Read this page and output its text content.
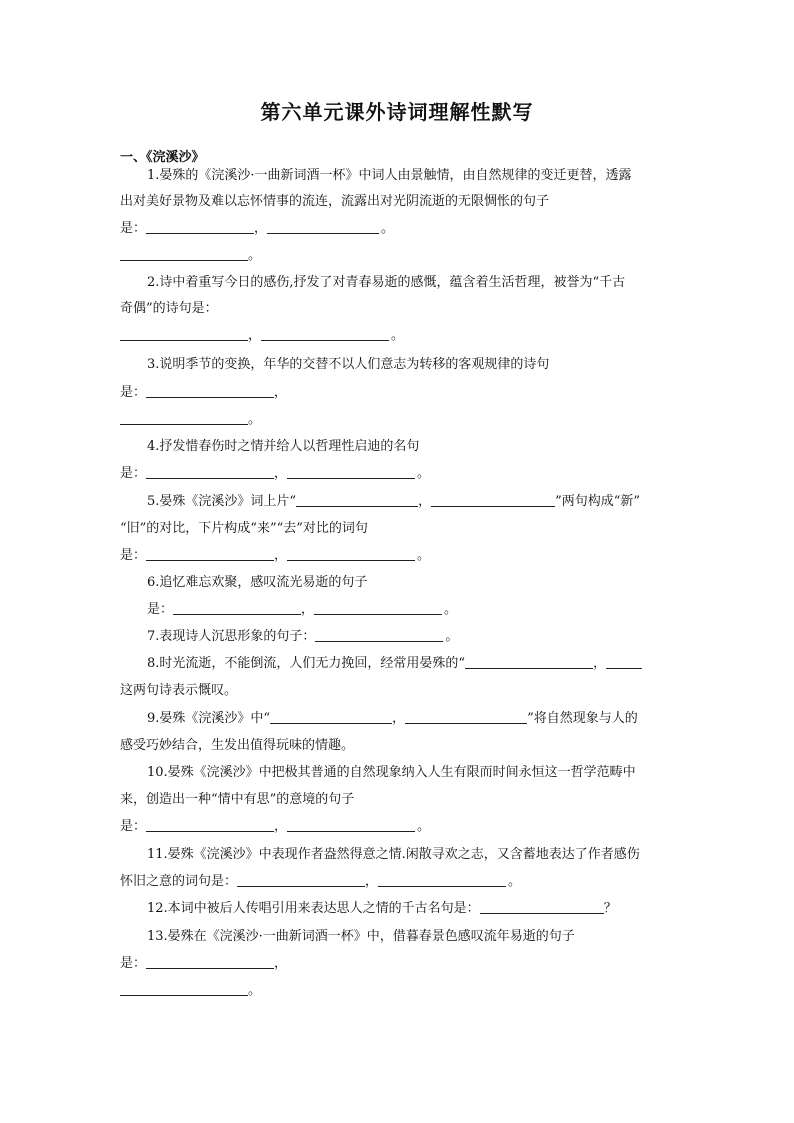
第六单元课外诗词理解性默写
一、《浣溪沙》
1.晏殊的《浣溪沙·一曲新词酒一杯》中词人由景触情，由自然规律的变迁更替，透露
出对美好景物及难以忘怀情事的流连，流露出对光阴流逝的无限惆怅的句子
是：	，	。
。
2.诗中着重写今日的感伤,抒发了对青春易逝的感慨，蕴含着生活哲理，被誉为“千古
奇偶”的诗句是：
，	。
3.说明季节的变换，年华的交替不以人们意志为转移的客观规律的诗句
是：	，
。
4.抒发惜春伤时之情并给人以哲理性启迪的名句
是：	，	。
5.晏殊《浣溪沙》词上片“	，	”两句构成“新”
“旧”的对比，下片构成“来”“去”对比的词句
是：	，	。
6.追忆难忘欢聚，感叹流光易逝的句子
是：	，	。
7.表现诗人沉思形象的句子：	。
8.时光流逝，不能倒流，人们无力挽回，经常用晏殊的“	，
这两句诗表示慨叹。
9.晏殊《浣溪沙》中“	，	”将自然现象与人的
感受巧妙结合，生发出值得玩味的情趣。
10.晏殊《浣溪沙》中把极其普通的自然现象纳入人生有限而时间永恒这一哲学范畴中
来，创造出一种“情中有思”的意境的句子
是：	，	。
11.晏殊《浣溪沙》中表现作者盎然得意之情.闲散寻欢之志，又含蓄地表达了作者感伤
怀旧之意的词句是：	，	。
12.本词中被后人传唱引用来表达思人之情的千古名句是：	？
13.晏殊在《浣溪沙·一曲新词酒一杯》中，借暮春景色感叹流年易逝的句子
是：	，
。
